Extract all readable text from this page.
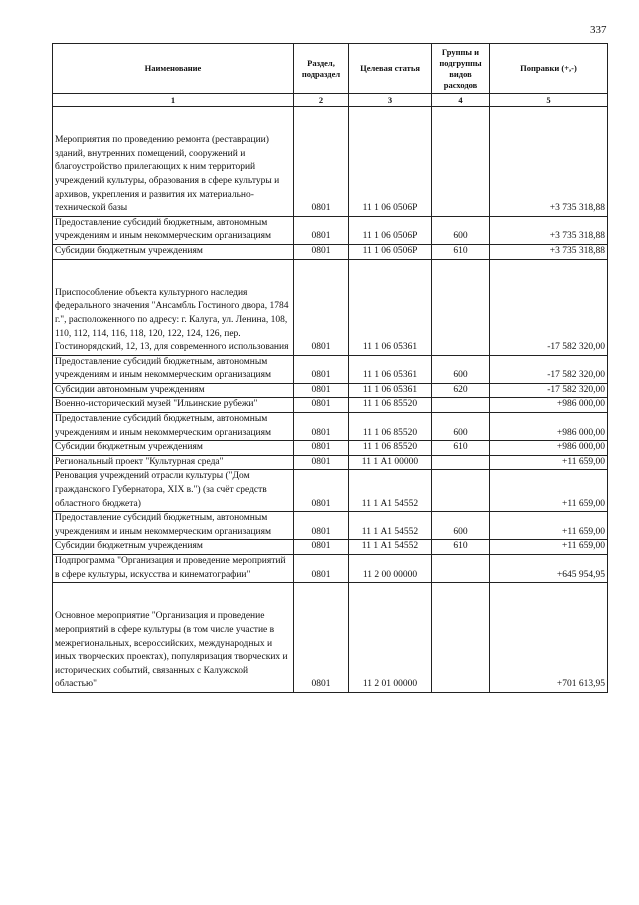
337
Наименование	Раздел, подраздел	Целевая статья	Группы и подгруппы видов расходов	Поправки (+,-)
1	2	3	4	5

Мероприятия по проведению ремонта (реставрации) зданий, внутренних помещений, сооружений и благоустройство прилегающих к ним территорий учреждений культуры, образования в сфере культуры и архивов, укрепления и развития их материально-технической базы	0801	11 1 06 0506Р		+3 735 318,88
Предоставление субсидий бюджетным, автономным учреждениям и иным некоммерческим организациям	0801	11 1 06 0506Р	600	+3 735 318,88
Субсидии бюджетным учреждениям	0801	11 1 06 0506Р	610	+3 735 318,88

Приспособление объекта культурного наследия федерального значения "Ансамбль Гостиного двора, 1784 г.", расположенного по адресу: г. Калуга, ул. Ленина, 108, 110, 112, 114, 116, 118, 120, 122, 124, 126, пер. Гостинорядский, 12, 13, для современного использования	0801	11 1 06 05361		-17 582 320,00
Предоставление субсидий бюджетным, автономным учреждениям и иным некоммерческим организациям	0801	11 1 06 05361	600	-17 582 320,00
Субсидии автономным учреждениям	0801	11 1 06 05361	620	-17 582 320,00
Военно-исторический музей "Ильинские рубежи"	0801	11 1 06 85520		+986 000,00
Предоставление субсидий бюджетным, автономным учреждениям и иным некоммерческим организациям	0801	11 1 06 85520	600	+986 000,00
Субсидии бюджетным учреждениям	0801	11 1 06 85520	610	+986 000,00
Региональный проект "Культурная среда"	0801	11 1 А1 00000		+11 659,00
Реновация учреждений отрасли культуры ("Дом гражданского Губернатора, XIX в.") (за счёт средств областного бюджета)	0801	11 1 А1 54552		+11 659,00
Предоставление субсидий бюджетным, автономным учреждениям и иным некоммерческим организациям	0801	11 1 А1 54552	600	+11 659,00
Субсидии бюджетным учреждениям	0801	11 1 А1 54552	610	+11 659,00
Подпрограмма "Организация и проведение мероприятий в сфере культуры, искусства и кинематографии"	0801	11 2 00 00000		+645 954,95

Основное мероприятие "Организация и проведение мероприятий в сфере культуры (в том числе участие в межрегиональных, всероссийских, международных и иных творческих проектах), популяризация творческих и исторических событий, связанных с Калужской областью"	0801	11 2 01 00000		+701 613,95
